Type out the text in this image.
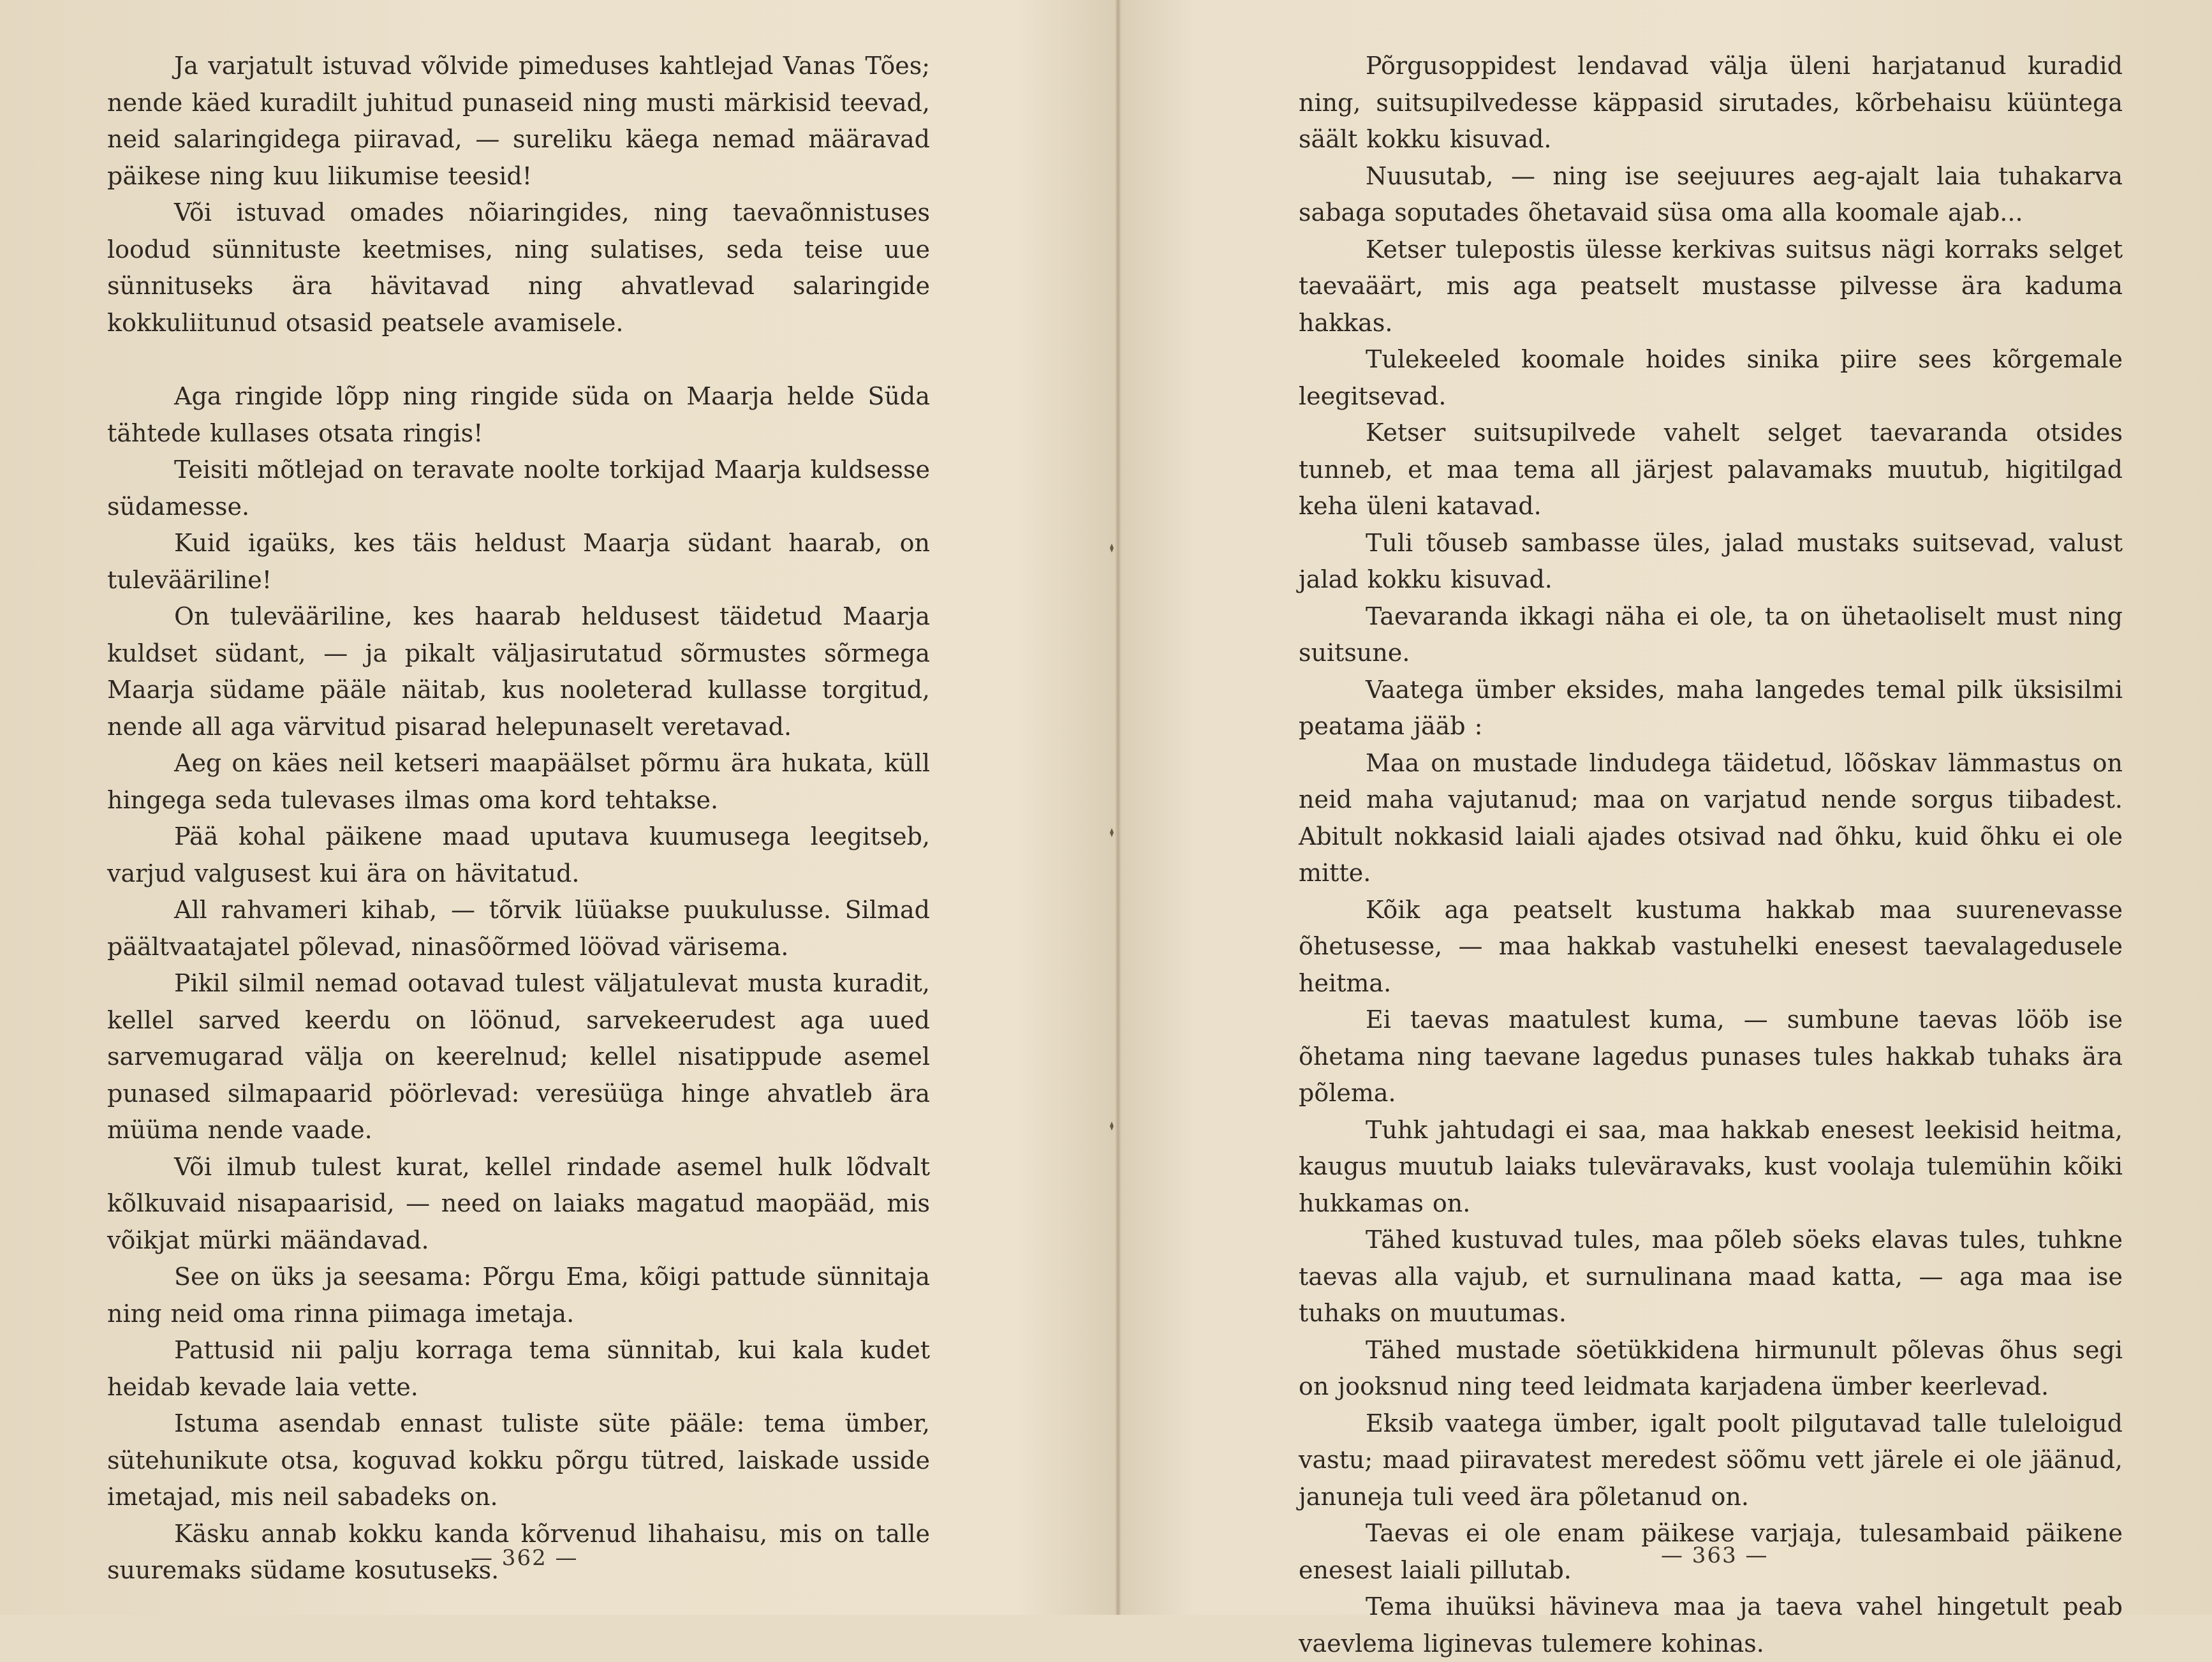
Ja varjatult istuvad võlvide pimeduses kahtlejad Vanas Tões; nende käed kuradilt juhitud punaseid ning musti märkisid teevad, neid salaringidega piiravad, — sureliku käega nemad määravad päikese ning kuu liikumise teesid!

Või istuvad omades nõiaringides, ning taevaõnnistuses loodud sünnituste keetmises, ning sulatises, seda teise uue sünnituseks ära hävitavad ning ahvatlevad salaringide kokkuliitunud otsasid peatsele avamisele.

Aga ringide lõpp ning ringide süda on Maarja helde Süda tähtede kullases otsata ringis!

Teisiti mõtlejad on teravate noolte torkijad Maarja kuldsesse südamesse.

Kuid igaüks, kes täis heldust Maarja südant haarab, on tulevääriline!

On tulevääriline, kes haarab heldusest täidetud Maarja kuldset südant, — ja pikalt väljasirutatud sõrmustes sõrmega Maarja südame pääle näitab, kus nooleterad kullasse torgitud, nende all aga värvitud pisarad helepunaselt veretavad.

Aeg on käes neil ketseri maapäälset põrmu ära hukata, küll hingega seda tulevases ilmas oma kord tehtakse.

Pää kohal päikene maad uputava kuumusega leegitseb, varjud valgusest kui ära on hävitatud.

All rahvameri kihab, — tõrvik lüüakse puukulusse. Silmad päältvaatajatel põlevad, ninasõõrmed löövad värisema.

Pikil silmil nemad ootavad tulest väljatulevat musta kuradit, kellel sarved keerdu on löönud, sarvekeerudest aga uued sarvemugarad välja on keerelnud; kellel nisatippude asemel punased silmapaarid pöörlevad: veresüüga hinge ahvatleb ära müüma nende vaade.

Või ilmub tulest kurat, kellel rindade asemel hulk lõdvalt kõlkuvaid nisapaarisid, — need on laiaks magatud maopääd, mis võikjat mürki määndavad.

See on üks ja seesama: Põrgu Ema, kõigi pattude sünnitaja ning neid oma rinna piimaga imetaja.

Pattusid nii palju korraga tema sünnitab, kui kala kudet heidab kevade laia vette.

Istuma asendab ennast tuliste süte pääle: tema ümber, sütehunikute otsa, koguvad kokku põrgu tütred, laiskade usside imetajad, mis neil sabadeks on.

Käsku annab kokku kanda kõrvenud lihahaisu, mis on talle suuremaks südame kosutuseks.

Põrgusoppidest lendavad välja üleni harjatanud kuradid ning, suitsupilvedesse käppasid sirutades, kõrbehaisu küüntega säält kokku kisuvad.

Nuusutab, — ning ise seejuures aeg-ajalt laia tuhakarva sabaga soputades õhetavaid süsa oma alla koomale ajab...

Ketser tulepostis ülesse kerkivas suitsus nägi korraks selget taevaäärt, mis aga peatselt mustasse pilvesse ära kaduma hakkas.

Tulekeeled koomale hoides sinika piire sees kõrgemale leegitsevad.

Ketser suitsupilvede vahelt selget taevaranda otsides tunneb, et maa tema all järjest palavamaks muutub, higitilgad keha üleni katavad.

Tuli tõuseb sambasse üles, jalad mustaks suitsevad, valust jalad kokku kisuvad.

Taevaranda ikkagi näha ei ole, ta on ühetaoliselt must ning suitsune.

Vaatega ümber eksides, maha langedes temal pilk üksisilmi peatama jääb :

Maa on mustade lindudega täidetud, lõõskav lämmastus on neid maha vajutanud; maa on varjatud nende sorgus tiibadest. Abitult nokkasid laiali ajades otsivad nad õhku, kuid õhku ei ole mitte.

Kõik aga peatselt kustuma hakkab maa suurenevasse õhetusesse, — maa hakkab vastuhelki enesest taevalagedusele heitma.

Ei taevas maatulest kuma, — sumbune taevas lööb ise õhetama ning taevane lagedus punases tules hakkab tuhaks ära põlema.

Tuhk jahtudagi ei saa, maa hakkab enesest leekisid heitma, kaugus muutub laiaks tuleväravaks, kust voolaja tulemühin kõiki hukkamas on.

Tähed kustuvad tules, maa põleb söeks elavas tules, tuhkne taevas alla vajub, et surnulinana maad katta, — aga maa ise tuhaks on muutumas.

Tähed mustade söetükkidena hirmunult põlevas õhus segi on jooksnud ning teed leidmata karjadena ümber keerlevad.

Eksib vaatega ümber, igalt poolt pilgutavad talle tuleloigud vastu; maad piiravatest meredest söõmu vett järele ei ole jäänud, januneja tuli veed ära põletanud on.

Taevas ei ole enam päikese varjaja, tulesambaid päikene enesest laiali pillutab.

Tema ihuüksi hävineva maa ja taeva vahel hingetult peab vaevlema liginevas tulemere kohinas.

— 362 —	— 363 —
